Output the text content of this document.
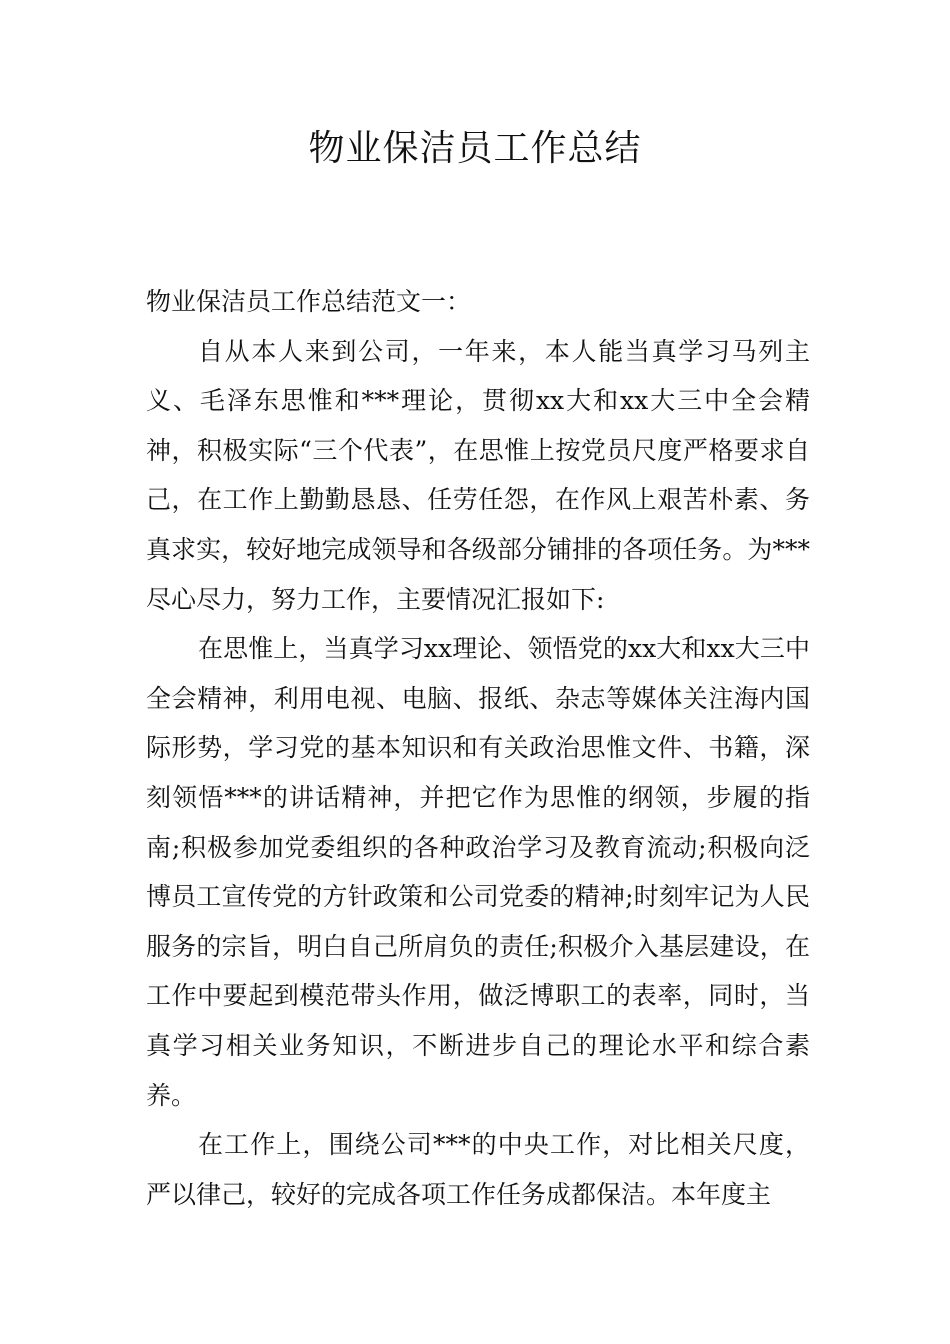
物业保洁员工作总结

物业保洁员工作总结范文一：

自从本人来到公司，一年来，本人能当真学习马列主义、毛泽东思惟和***理论，贯彻xx大和xx大三中全会精神，积极实际“三个代表”，在思惟上按党员尺度严格要求自己，在工作上勤勤恳恳、任劳任怨，在作风上艰苦朴素、务真求实，较好地完成领导和各级部分铺排的各项任务。为***尽心尽力，努力工作，主要情况汇报如下:

在思惟上，当真学习xx理论、领悟党的xx大和xx大三中全会精神，利用电视、电脑、报纸、杂志等媒体关注海内国际形势，学习党的基本知识和有关政治思惟文件、书籍，深刻领悟***的讲话精神，并把它作为思惟的纲领，步履的指南;积极参加党委组织的各种政治学习及教育流动;积极向泛博员工宣传党的方针政策和公司党委的精神;时刻牢记为人民服务的宗旨，明白自己所肩负的责任;积极介入基层建设，在工作中要起到模范带头作用，做泛博职工的表率，同时，当真学习相关业务知识，不断进步自己的理论水平和综合素养。

在工作上，围绕公司***的中央工作，对比相关尺度，严以律己，较好的完成各项工作任务成都保洁。本年度主
